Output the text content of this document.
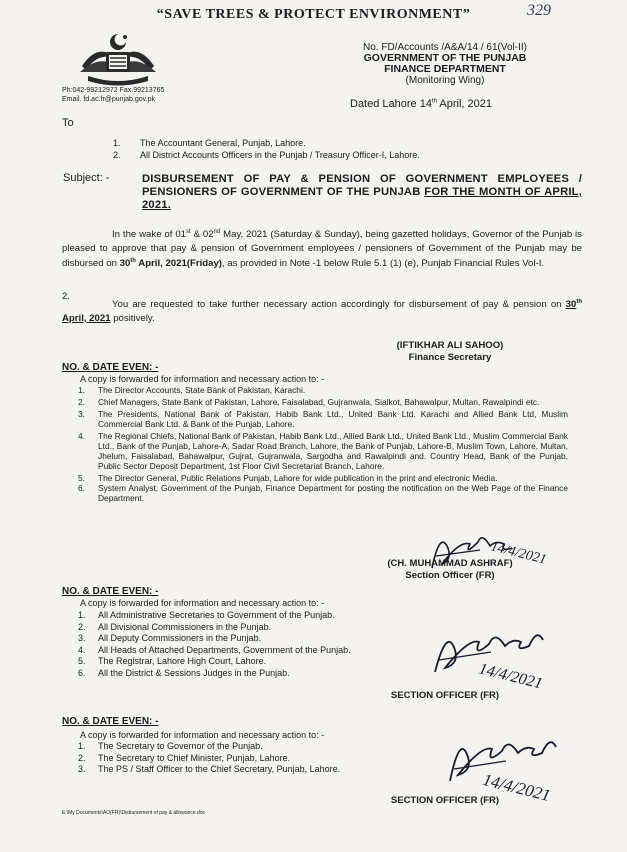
“SAVE TREES & PROTECT ENVIRONMENT”	329
Ph:042-99212972 Fax.99213765
Email. fd.ac.fr@punjab.gov.pk
No. FD/Accounts /A&A/14 / 61(Vol-II)
GOVERNMENT OF THE PUNJAB
FINANCE DEPARTMENT
(Monitoring Wing)
Dated Lahore 14th April, 2021
To
1. The Accountant General, Punjab, Lahore.
2. All District Accounts Officers in the Punjab / Treasury Officer-I, Lahore.
Subject: -	DISBURSEMENT OF PAY & PENSION OF GOVERNMENT EMPLOYEES / PENSIONERS OF GOVERNMENT OF THE PUNJAB FOR THE MONTH OF APRIL, 2021.
In the wake of 01st & 02nd May, 2021 (Saturday & Sunday), being gazetted holidays, Governor of the Punjab is pleased to approve that pay & pension of Government employees / pensioners of Government of the Punjab may be disbursed on 30th April, 2021(Friday), as provided in Note -1 below Rule 5.1 (1) (e), Punjab Financial Rules Vol-I.
2.
You are requested to take further necessary action accordingly for disbursement of pay & pension on 30th April, 2021 positively.
(IFTIKHAR ALI SAHOO)
Finance Secretary
NO. & DATE EVEN: -
A copy is forwarded for information and necessary action to: -
1.	The Director Accounts, State Bank of Pakistan, Karachi.
2.	Chief Managers, State Bank of Pakistan, Lahore, Faisalabad, Gujranwala, Sialkot, Bahawalpur, Multan, Rawalpindi etc.
3.	The Presidents, National Bank of Pakistan, Habib Bank Ltd., United Bank Ltd. Karachi and Allied Bank Ltd, Muslim Commercial Bank Ltd. & Bank of the Punjab, Lahore.
4.	The Regional Chiefs, National Bank of Pakistan, Habib Bank Ltd., Allied Bank Ltd., United Bank Ltd., Muslim Commercial Bank Ltd., Bank of the Punjab, Lahore-A, Sadar Road Branch, Lahore, the Bank of Punjab, Lahore-B, Muslim Town, Lahore, Multan, Jhelum, Faisalabad, Bahawalpur, Gujrat, Gujranwala, Sargodha and Rawalpindi and. Country Head, Bank of the Punjab, Public Sector Deposit Department, 1st Floor Civil Secretariat Branch, Lahore.
5.	The Director General, Public Relations Punjab, Lahore for wide publication in the print and electronic Media.
6.	System Analyst, Government of the Punjab, Finance Department for posting the notification on the Web Page of the Finance Department.
14/4/2021
(CH. MUHAMMAD ASHRAF)
Section Officer (FR)
NO. & DATE EVEN: -
A copy is forwarded for information and necessary action to: -
1.	All Administrative Secretaries to Government of the Punjab.
2.	All Divisional Commissioners in the Punjab.
3.	All Deputy Commissioners in the Punjab.
4.	All Heads of Attached Departments, Government of the Punjab.
5.	The Registrar, Lahore High Court, Lahore.
6.	All the District & Sessions Judges in the Punjab.	14/4/2021
SECTION OFFICER (FR)
NO. & DATE EVEN: -
A copy is forwarded for information and necessary action to: -
1.	The Secretary to Governor of the Punjab.
2.	The Secretary to Chief Minister, Punjab, Lahore.
3.	The PS / Staff Officer to the Chief Secretary, Punjab, Lahore.
14/4/2021
SECTION OFFICER (FR)
E:\My Documents\AO(FR)\Disbursement of pay & allowance.doc
